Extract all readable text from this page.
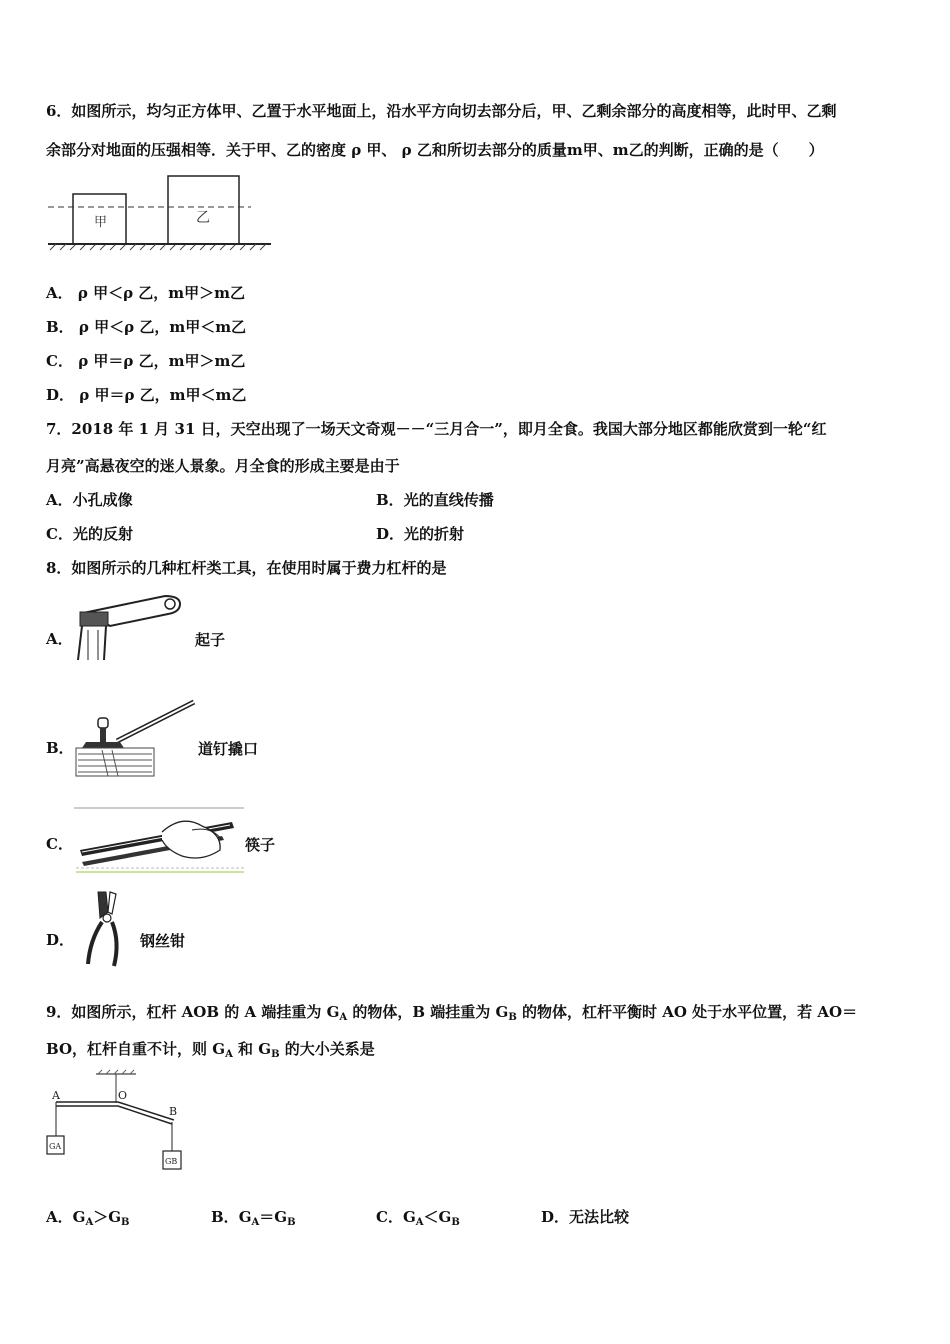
6．如图所示，均匀正方体甲、乙置于水平地面上，沿水平方向切去部分后，甲、乙剩余部分的高度相等，此时甲、乙剩
余部分对地面的压强相等．关于甲、乙的密度 ρ 甲、 ρ 乙和所切去部分的质量m甲、m乙的判断，正确的是（　　）
甲	乙
A． ρ 甲＜ρ 乙，m甲＞m乙
B． ρ 甲＜ρ 乙，m甲＜m乙
C． ρ 甲＝ρ 乙，m甲＞m乙
D． ρ 甲＝ρ 乙，m甲＜m乙
7．2018 年 1 月 31 日，天空出现了一场天文奇观－－“三月合一”，即月全食。我国大部分地区都能欣赏到一轮“红
月亮”高悬夜空的迷人景象。月全食的形成主要是由于
A．小孔成像	B．光的直线传播
C．光的反射	D．光的折射
8．如图所示的几种杠杆类工具，在使用时属于费力杠杆的是
A．	起子
B．	道钉撬口
C．	筷子
D．	钢丝钳
9．如图所示，杠杆 AOB 的 A 端挂重为 $G_A$ 的物体，B 端挂重为 $G_B$ 的物体，杠杆平衡时 AO 处于水平位置，若 AO＝
BO，杠杆自重不计，则 $G_A$ 和 $G_B$ 的大小关系是
A	O
B
GA
GB
A．$G_A>G_B$	B．$G_A=G_B$	C．$G_A<G_B$	D．无法比较
